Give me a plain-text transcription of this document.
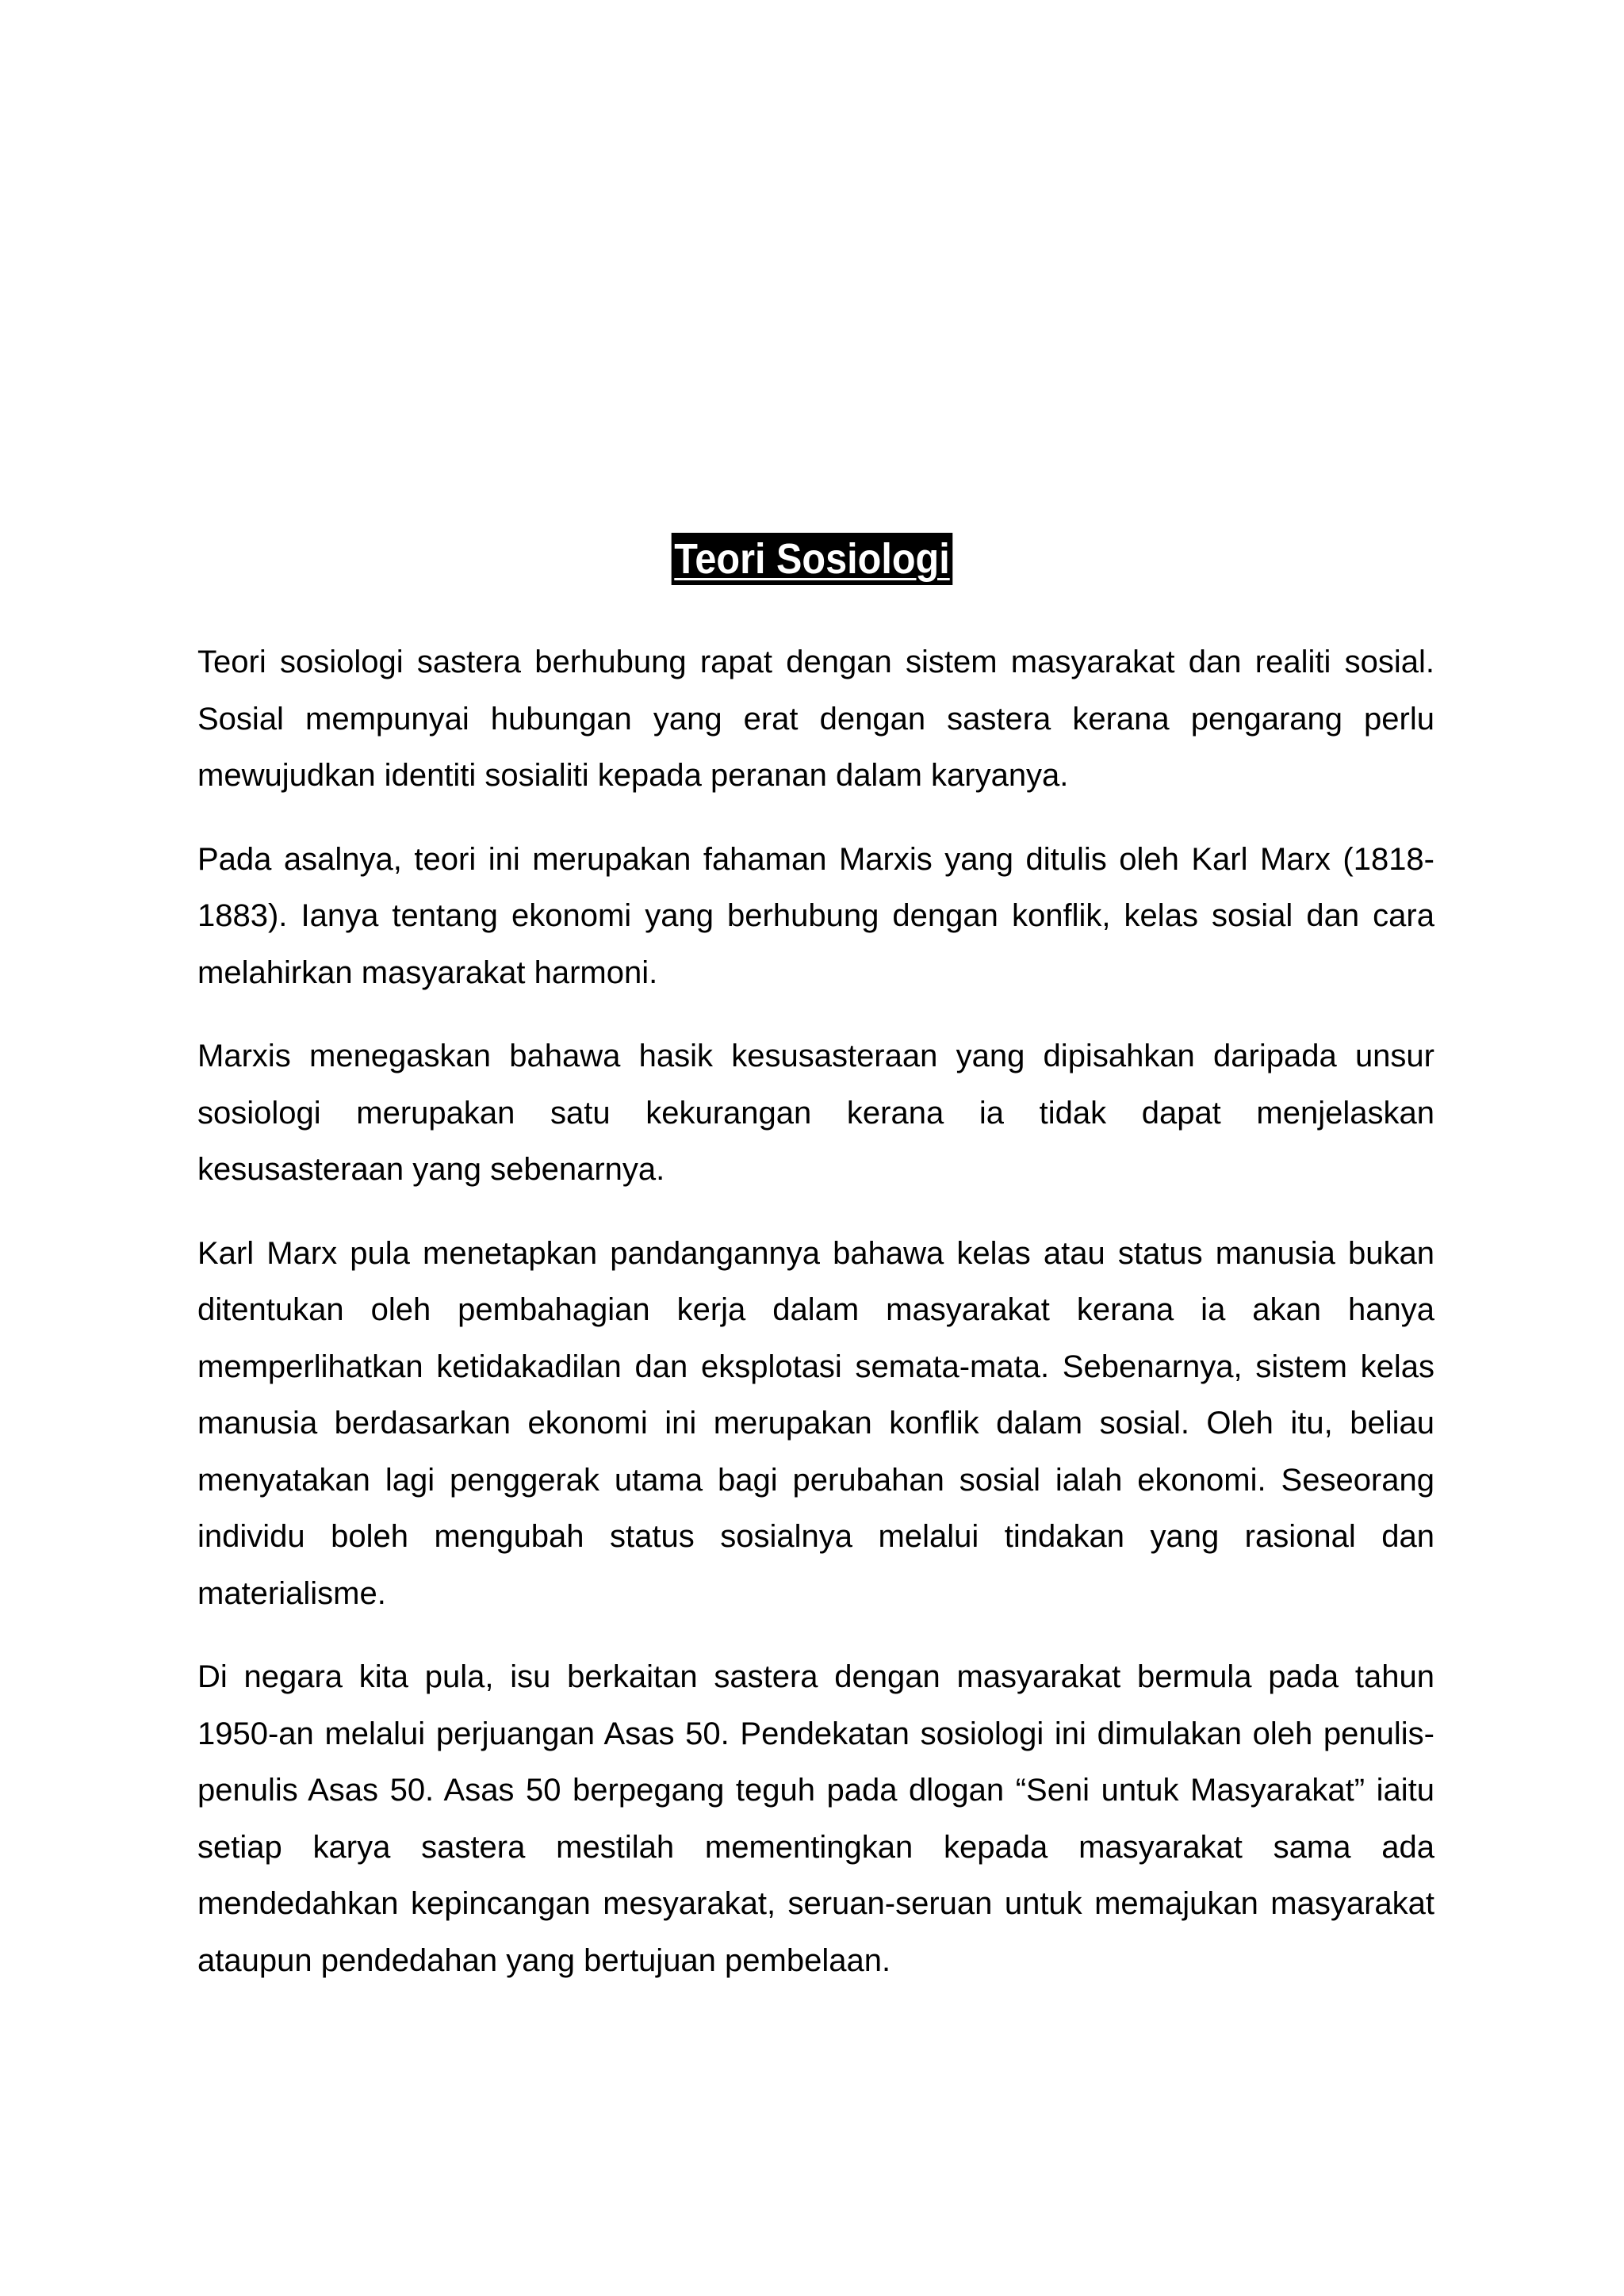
Teori Sosiologi

Teori sosiologi sastera berhubung rapat dengan sistem masyarakat dan realiti sosial. Sosial mempunyai hubungan yang erat dengan sastera kerana pengarang perlu mewujudkan identiti sosialiti kepada peranan dalam karyanya.

Pada asalnya, teori ini merupakan fahaman Marxis yang ditulis oleh Karl Marx (1818-1883). Ianya tentang ekonomi yang berhubung dengan konflik, kelas sosial dan cara melahirkan masyarakat harmoni.

Marxis menegaskan bahawa hasik kesusasteraan yang dipisahkan daripada unsur sosiologi merupakan satu kekurangan kerana ia tidak dapat menjelaskan kesusasteraan yang sebenarnya.

Karl Marx pula menetapkan pandangannya bahawa kelas atau status manusia bukan ditentukan oleh pembahagian kerja dalam masyarakat kerana ia akan hanya memperlihatkan ketidakadilan dan eksplotasi semata-mata. Sebenarnya, sistem kelas manusia berdasarkan ekonomi ini merupakan konflik dalam sosial. Oleh itu, beliau menyatakan lagi penggerak utama bagi perubahan sosial ialah ekonomi. Seseorang individu boleh mengubah status sosialnya melalui tindakan yang rasional dan materialisme.

Di negara kita pula, isu berkaitan sastera dengan masyarakat bermula pada tahun 1950-an melalui perjuangan Asas 50. Pendekatan sosiologi ini dimulakan oleh penulis-penulis Asas 50. Asas 50 berpegang teguh pada dlogan “Seni untuk Masyarakat” iaitu setiap karya sastera mestilah mementingkan kepada masyarakat sama ada mendedahkan kepincangan mesyarakat, seruan-seruan untuk memajukan masyarakat ataupun pendedahan yang bertujuan pembelaan.
